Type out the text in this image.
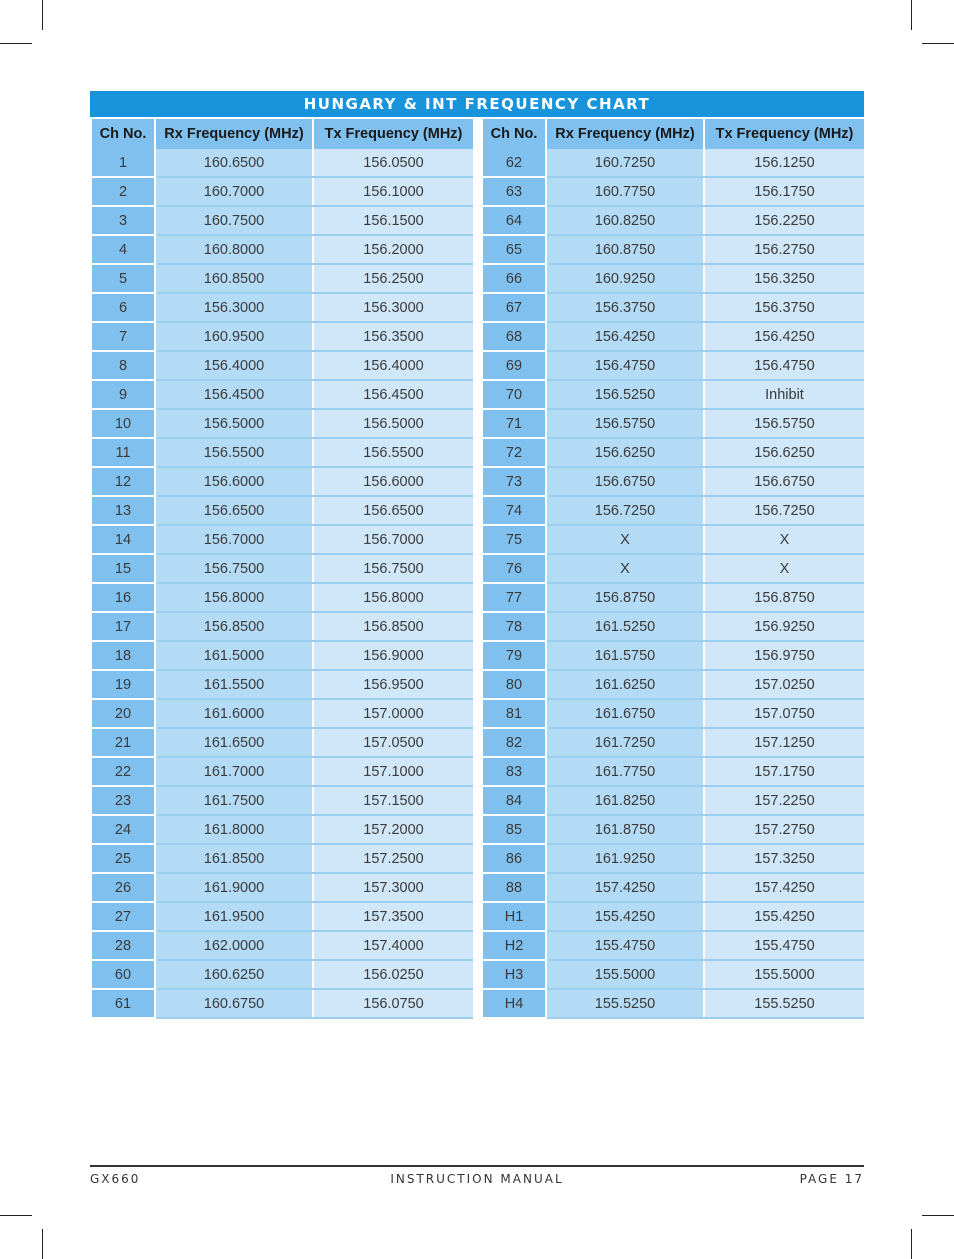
HUNGARY & INT FREQUENCY CHART
Ch No.	Rx Frequency (MHz)	Tx Frequency (MHz)
1	160.6500	156.0500
2	160.7000	156.1000
3	160.7500	156.1500
4	160.8000	156.2000
5	160.8500	156.2500
6	156.3000	156.3000
7	160.9500	156.3500
8	156.4000	156.4000
9	156.4500	156.4500
10	156.5000	156.5000
11	156.5500	156.5500
12	156.6000	156.6000
13	156.6500	156.6500
14	156.7000	156.7000
15	156.7500	156.7500
16	156.8000	156.8000
17	156.8500	156.8500
18	161.5000	156.9000
19	161.5500	156.9500
20	161.6000	157.0000
21	161.6500	157.0500
22	161.7000	157.1000
23	161.7500	157.1500
24	161.8000	157.2000
25	161.8500	157.2500
26	161.9000	157.3000
27	161.9500	157.3500
28	162.0000	157.4000
60	160.6250	156.0250
61	160.6750	156.0750
Ch No.	Rx Frequency (MHz)	Tx Frequency (MHz)
62	160.7250	156.1250
63	160.7750	156.1750
64	160.8250	156.2250
65	160.8750	156.2750
66	160.9250	156.3250
67	156.3750	156.3750
68	156.4250	156.4250
69	156.4750	156.4750
70	156.5250	Inhibit
71	156.5750	156.5750
72	156.6250	156.6250
73	156.6750	156.6750
74	156.7250	156.7250
75	X	X
76	X	X
77	156.8750	156.8750
78	161.5250	156.9250
79	161.5750	156.9750
80	161.6250	157.0250
81	161.6750	157.0750
82	161.7250	157.1250
83	161.7750	157.1750
84	161.8250	157.2250
85	161.8750	157.2750
86	161.9250	157.3250
88	157.4250	157.4250
H1	155.4250	155.4250
H2	155.4750	155.4750
H3	155.5000	155.5000
H4	155.5250	155.5250
GX660	INSTRUCTION MANUAL	PAGE 17
